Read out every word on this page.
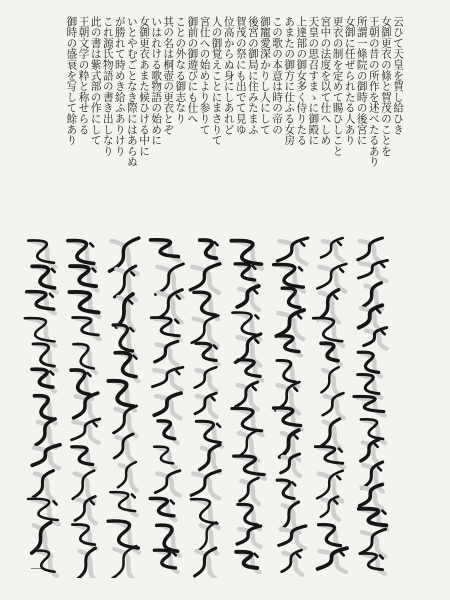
云ひて天皇を賀し給ひき
女御更衣の條と賀茂のことを
王朝の昔の所作を述べたるあり
所謂一條院の御時の後宮に
女御に任ぜられたる人あり
更衣の制を定めて賜ひしこと
宮中の法度を以て仕へしめ
天皇の思召すまゝに御殿に
上達部の御女多く侍りたる
あまたの御方に仕ふる女房
この歌の本意は時の帝の
御寵愛深かりし人にして
後宮の御局に住みたまふ
賀茂の祭にも出でて見ゆ
位高からぬ身にしあれど
人の御覚えことにまさりて
宮仕への始めより参りて
御前の御遊びにも仕へ
ことの外なる御志なり
其の名は桐壺の更衣とぞ
いはれける歌物語の始めに
女御更衣あまた候ひける中に
いとやむごとなき際にはあらぬ
が勝れて時めき給ふありけり
これ源氏物語の書き出しなり
此の書は紫式部の作にして
王朝文学の粋と称せらる
御時の盛衰を写して餘あり
一
